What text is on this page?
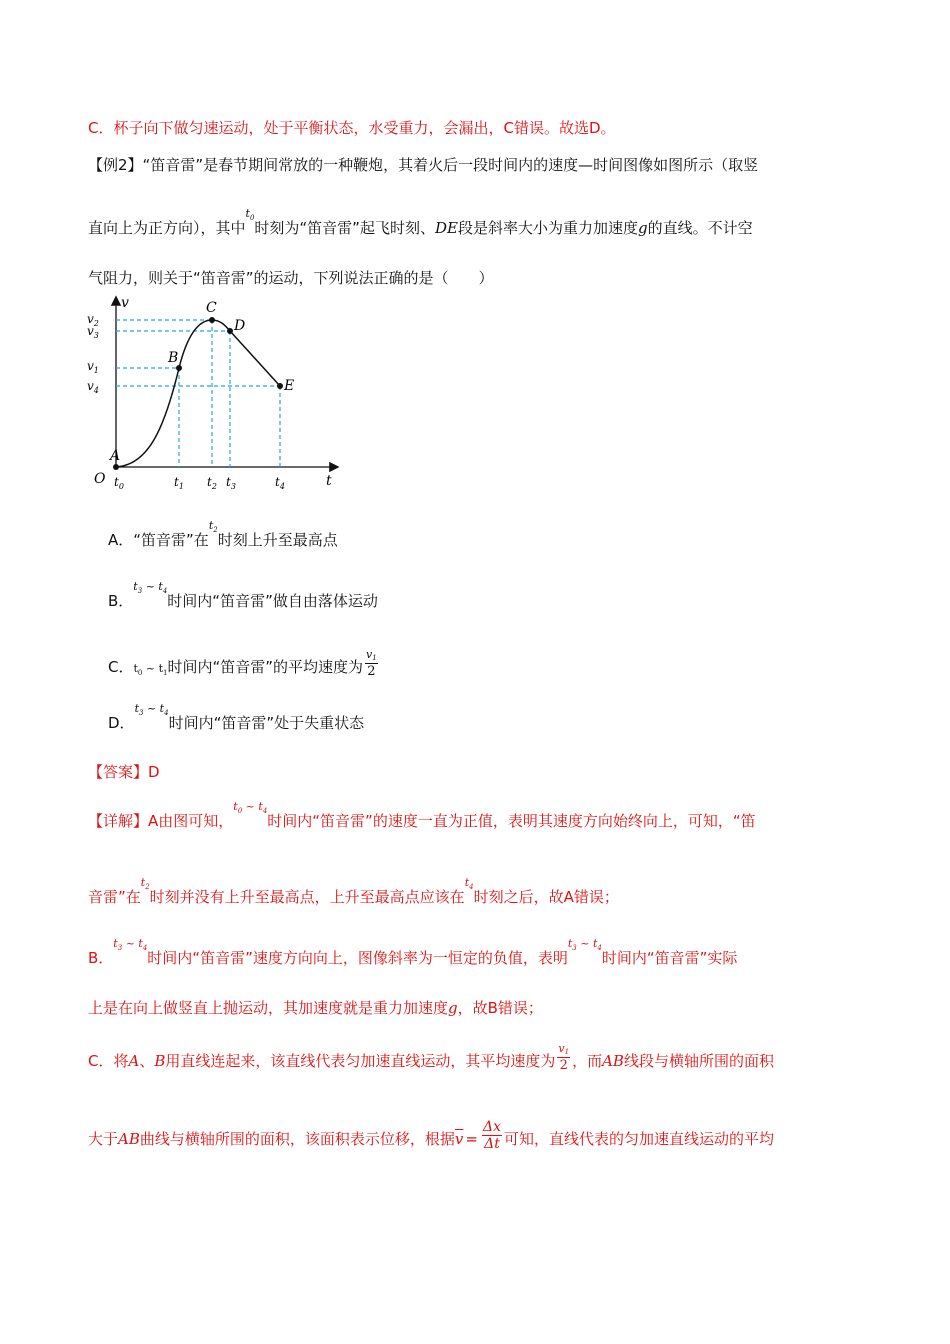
C．杯子向下做匀速运动，处于平衡状态，水受重力，会漏出，C错误。故选D。
【例2】“笛音雷”是春节期间常放的一种鞭炮，其着火后一段时间内的速度—时间图像如图所示（取竖
直向上为正方向），其中$t_0$时刻为“笛音雷”起飞时刻、DE段是斜率大小为重力加速度g的直线。不计空
气阻力，则关于“笛音雷”的运动，下列说法正确的是（　　）
A
B
C
D
E
v
t
O
$v_2$
$v_3$
$v_1$
$v_4$
$t_0$	$t_1$ $t_2$ $t_3$	$t_4$
A．“笛音雷”在$t_2$时刻上升至最高点
B．$t_3$ ~ $t_4$时间内“笛音雷”做自由落体运动
C．$t_0$ ~ $t_1$时间内“笛音雷”的平均速度为 $\frac{v1}{2}$
D．$t_3$ ~ $t_4$时间内“笛音雷”处于失重状态
【答案】D
【详解】A由图可知，$t_0$ ~ $t_4$时间内“笛音雷”的速度一直为正值，表明其速度方向始终向上，可知，“笛
音雷”在$t_2$时刻并没有上升至最高点，上升至最高点应该在$t_4$时刻之后，故A错误；
B．$t_3$ ~ $t_4$时间内“笛音雷”速度方向向上，图像斜率为一恒定的负值，表明$t_3$ ~ $t_4$时间内“笛音雷”实际
上是在向上做竖直上抛运动，其加速度就是重力加速度g，故B错误；
C．将A、B用直线连起来，该直线代表匀加速直线运动，其平均速度为 $\frac{v1}{2}$ ，而AB线段与横轴所围的面积
大于AB曲线与横轴所围的面积，该面积表示位移，根据$\overline{v} = \frac{\Delta x}{\Delta t}$ 可知，直线代表的匀加速直线运动的平均
